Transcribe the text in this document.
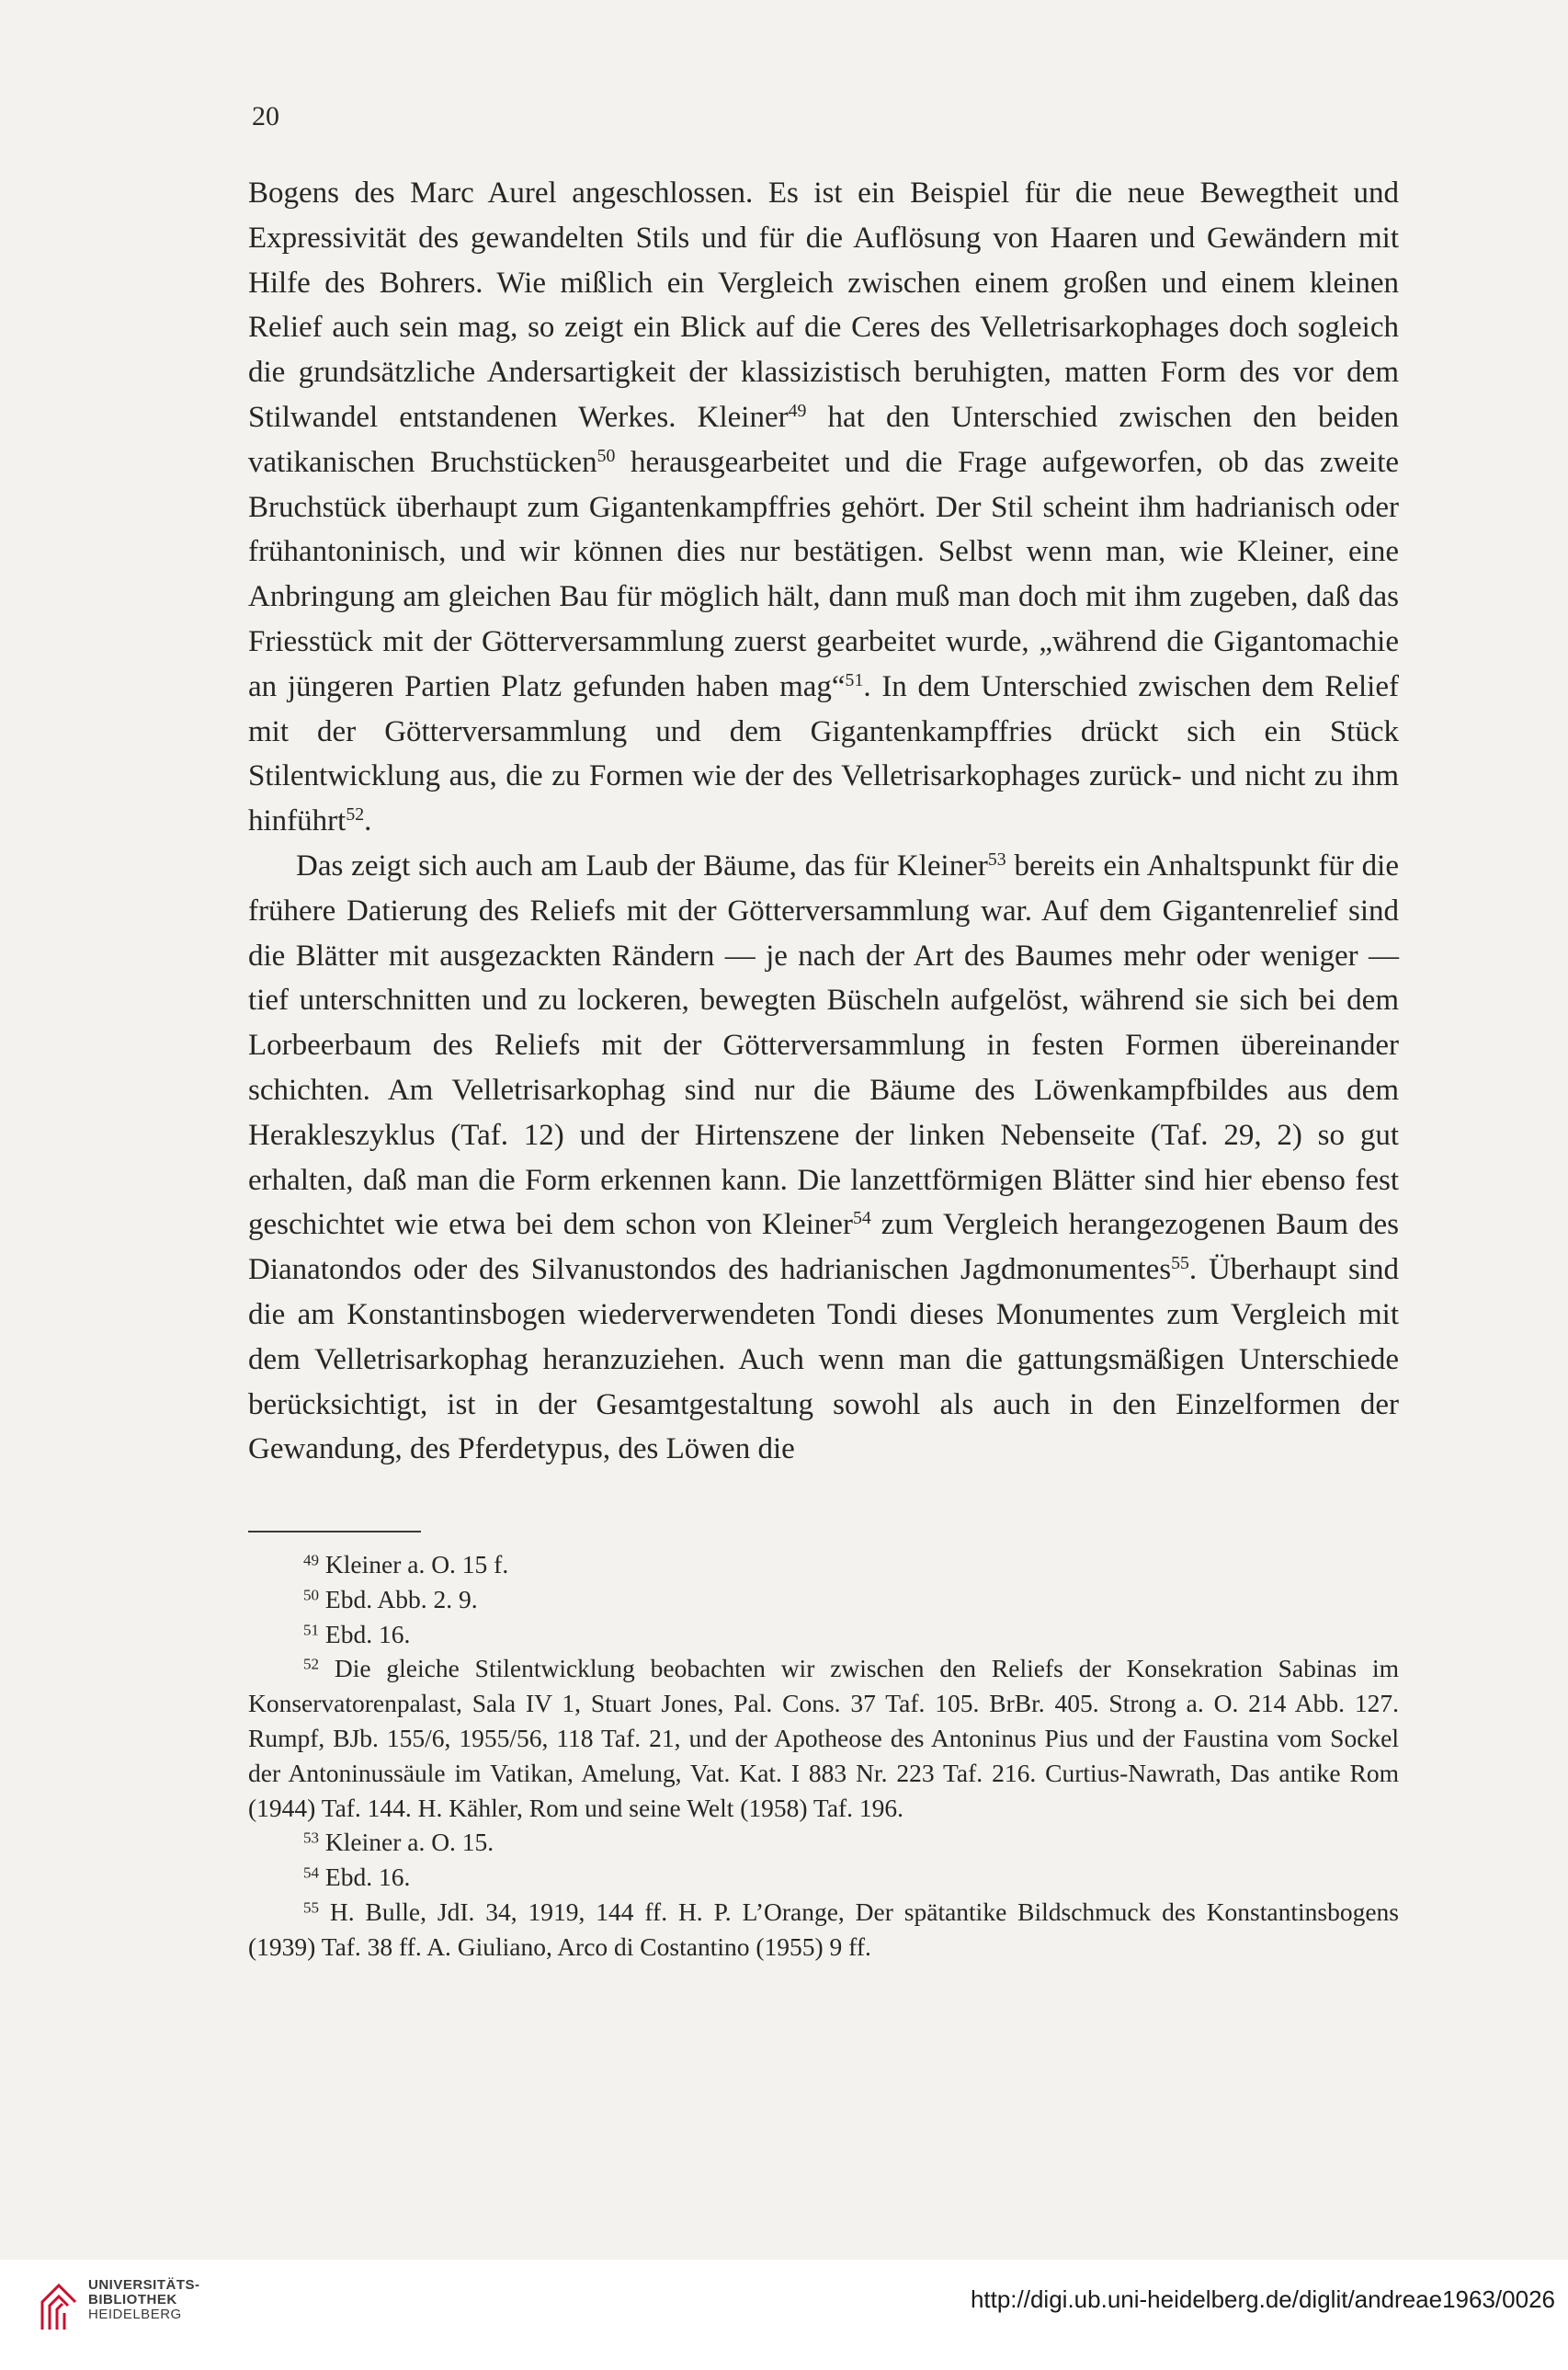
20

Bogens des Marc Aurel angeschlossen. Es ist ein Beispiel für die neue Bewegtheit und Expressivität des gewandelten Stils und für die Auflösung von Haaren und Gewändern mit Hilfe des Bohrers. Wie mißlich ein Vergleich zwischen einem großen und einem kleinen Relief auch sein mag, so zeigt ein Blick auf die Ceres des Velletrisarkophages doch sogleich die grundsätzliche Andersartigkeit der klassizistisch beruhigten, matten Form des vor dem Stilwandel entstandenen Werkes. Kleiner$^{49}$ hat den Unterschied zwischen den beiden vatikanischen Bruchstücken$^{50}$ herausgearbeitet und die Frage aufgeworfen, ob das zweite Bruchstück überhaupt zum Gigantenkampffries gehört. Der Stil scheint ihm hadrianisch oder frühantoninisch, und wir können dies nur bestätigen. Selbst wenn man, wie Kleiner, eine Anbringung am gleichen Bau für möglich hält, dann muß man doch mit ihm zugeben, daß das Friesstück mit der Götterversammlung zuerst gearbeitet wurde, „während die Gigantomachie an jüngeren Partien Platz gefunden haben mag“$^{51}$. In dem Unterschied zwischen dem Relief mit der Götterversammlung und dem Gigantenkampffries drückt sich ein Stück Stilentwicklung aus, die zu Formen wie der des Velletrisarkophages zurück- und nicht zu ihm hinführt$^{52}$.

Das zeigt sich auch am Laub der Bäume, das für Kleiner$^{53}$ bereits ein Anhaltspunkt für die frühere Datierung des Reliefs mit der Götterversammlung war. Auf dem Gigantenrelief sind die Blätter mit ausgezackten Rändern — je nach der Art des Baumes mehr oder weniger — tief unterschnitten und zu lockeren, bewegten Büscheln aufgelöst, während sie sich bei dem Lorbeerbaum des Reliefs mit der Götterversammlung in festen Formen übereinander schichten. Am Velletrisarkophag sind nur die Bäume des Löwenkampfbildes aus dem Herakleszyklus (Taf. 12) und der Hirtenszene der linken Nebenseite (Taf. 29, 2) so gut erhalten, daß man die Form erkennen kann. Die lanzettförmigen Blätter sind hier ebenso fest geschichtet wie etwa bei dem schon von Kleiner$^{54}$ zum Vergleich herangezogenen Baum des Dianatondos oder des Silvanustondos des hadrianischen Jagdmonumentes$^{55}$. Überhaupt sind die am Konstantinsbogen wiederverwendeten Tondi dieses Monumentes zum Vergleich mit dem Velletrisarkophag heranzuziehen. Auch wenn man die gattungsmäßigen Unterschiede berücksichtigt, ist in der Gesamtgestaltung sowohl als auch in den Einzelformen der Gewandung, des Pferdetypus, des Löwen die

$^{49}$ Kleiner a. O. 15 f.

$^{50}$ Ebd. Abb. 2. 9.

$^{51}$ Ebd. 16.

$^{52}$ Die gleiche Stilentwicklung beobachten wir zwischen den Reliefs der Konsekration Sabinas im Konservatorenpalast, Sala IV 1, Stuart Jones, Pal. Cons. 37 Taf. 105. BrBr. 405. Strong a. O. 214 Abb. 127. Rumpf, BJb. 155/6, 1955/56, 118 Taf. 21, und der Apotheose des Antoninus Pius und der Faustina vom Sockel der Antoninussäule im Vatikan, Amelung, Vat. Kat. I 883 Nr. 223 Taf. 216. Curtius-Nawrath, Das antike Rom (1944) Taf. 144. H. Kähler, Rom und seine Welt (1958) Taf. 196.

$^{53}$ Kleiner a. O. 15.

$^{54}$ Ebd. 16.

$^{55}$ H. Bulle, JdI. 34, 1919, 144 ff. H. P. L’Orange, Der spätantike Bildschmuck des Konstantinsbogens (1939) Taf. 38 ff. A. Giuliano, Arco di Costantino (1955) 9 ff.

UNIVERSITÄTS-
BIBLIOTHEK
HEIDELBERG
http://digi.ub.uni-heidelberg.de/diglit/andreae1963/0026
